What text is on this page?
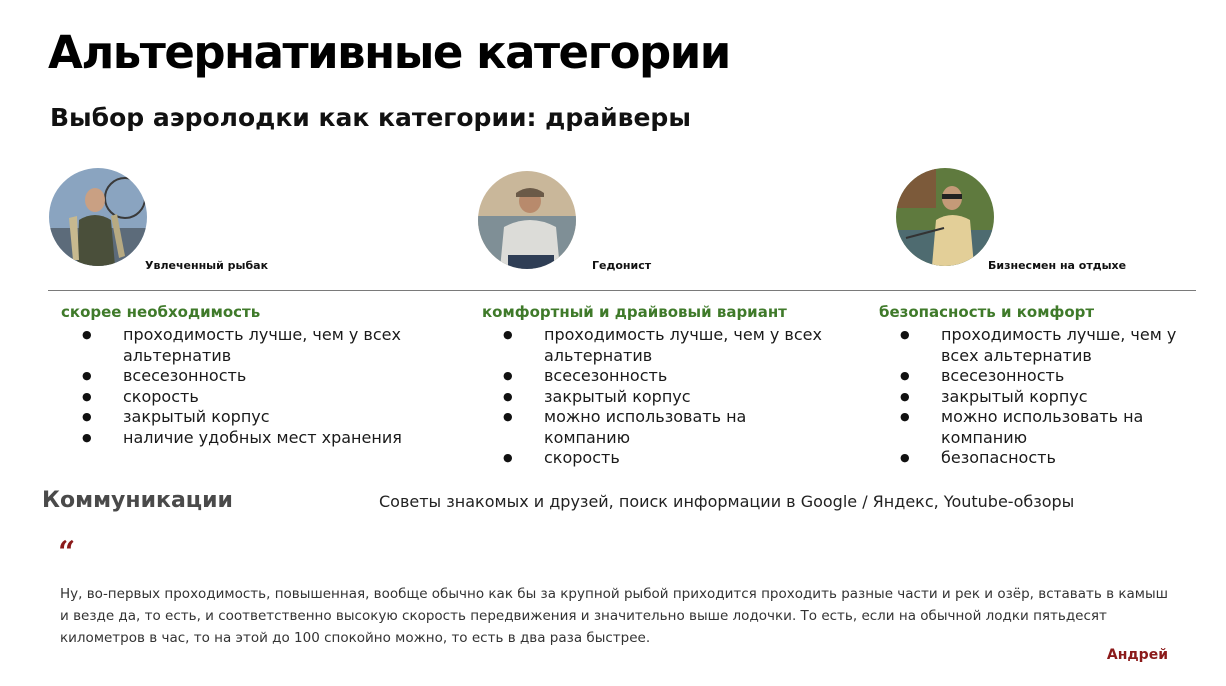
Альтернативные категории
Выбор аэролодки как категории: драйверы
Увлеченный рыбак	Гедонист	Бизнесмен на отдыхе

скорее необходимость

● проходимость лучше, чем у всех альтернатив
● всесезонность
● скорость
● закрытый корпус
● наличие удобных мест хранения

комфортный и драйвовый вариант

● проходимость лучше, чем у всех альтернатив
● всесезонность
● закрытый корпус
● можно использовать на компанию
● скорость

безопасность и комфорт

● проходимость лучше, чем у всех альтернатив
● всесезонность
● закрытый корпус
● можно использовать на компанию
● безопасность
Коммуникации	Советы знакомых и друзей, поиск информации в Google / Яндекс, Youtube-обзоры
“

Ну, во-первых проходимость, повышенная, вообще обычно как бы за крупной рыбой приходится проходить разные части и рек и озёр, вставать в камыш и везде да, то есть, и соответственно высокую скорость передвижения и значительно выше лодочки. То есть, если на обычной лодки пятьдесят километров в час, то на этой до 100 спокойно можно, то есть в два раза быстрее.

Андрей
